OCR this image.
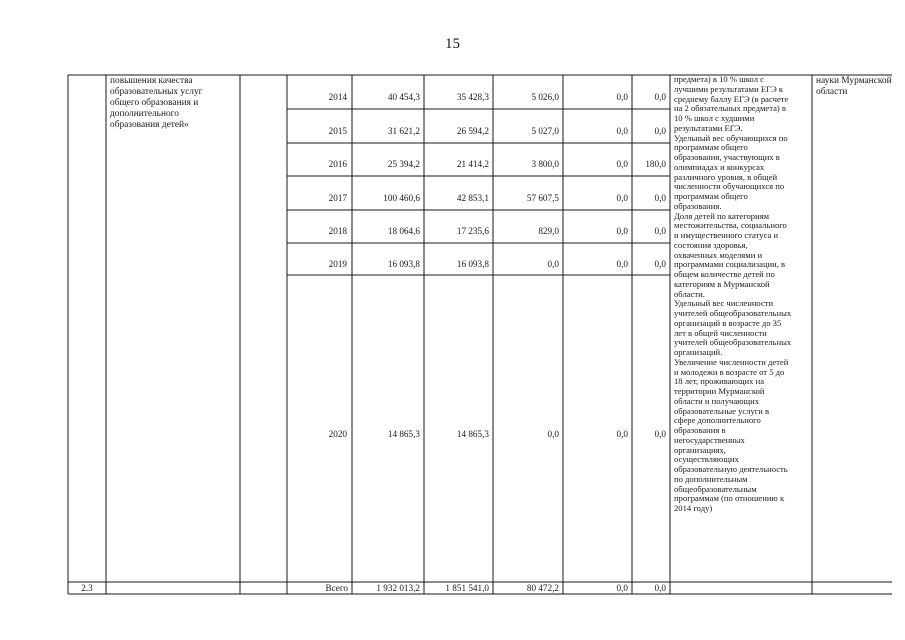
15
повышения качества
образовательных услуг
общего образования и
дополнительного
образования детей»
2014	40 454,3	35 428,3	5 026,0	0,0	0,0
2015	31 621,2	26 594,2	5 027,0	0,0	0,0
2016	25 394,2	21 414,2	3 800,0	0,0	180,0
2017	100 460,6	42 853,1	57 607,5	0,0	0,0
2018	18 064,6	17 235,6	829,0	0,0	0,0
2019	16 093,8	16 093,8	0,0	0,0	0,0
2020	14 865,3	14 865,3	0,0	0,0	0,0
предмета) в 10 % школ с
лучшими результатами ЕГЭ к
среднему баллу ЕГЭ (в расчете
на 2 обязательных предмета) в
10 % школ с худшими
результатами ЕГЭ.
Удельный вес обучающихся по
программам общего
образования, участвующих в
олимпиадах и конкурсах
различного уровня, в общей
численности обучающихся по
программам общего
образования.
Доля детей по категориям
местожительства, социального
и имущественного статуса и
состояния здоровья,
охваченных моделями и
программами социализации, в
общем количестве детей по
категориям в Мурманской
области.
Удельный вес численности
учителей общеобразовательных
организаций в возрасте до 35
лет в общей численности
учителей общеобразовательных
организаций.
Увеличение численности детей
и молодежи в возрасте от 5 до
18 лет, проживающих на
территории Мурманской
области и получающих
образовательные услуги в
сфере дополнительного
образования в
негосударственных
организациях,
осуществляющих
образовательную деятельность
по дополнительным
общеобразовательным
программам (по отношению к
2014 году)
науки Мурманской
области
2.3	Всего	1 932 013,2	1 851 541,0	80 472,2	0,0	0,0
